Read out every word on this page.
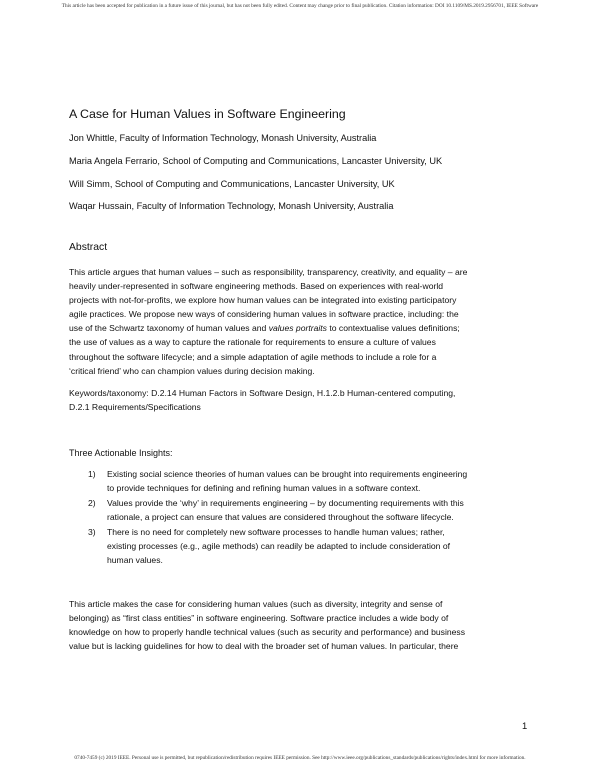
This article has been accepted for publication in a future issue of this journal, but has not been fully edited. Content may change prior to final publication. Citation information: DOI 10.1109/MS.2019.2956701, IEEE Software
A Case for Human Values in Software Engineering
Jon Whittle, Faculty of Information Technology, Monash University, Australia
Maria Angela Ferrario, School of Computing and Communications, Lancaster University, UK
Will Simm, School of Computing and Communications, Lancaster University, UK
Waqar Hussain, Faculty of Information Technology, Monash University, Australia
Abstract

This article argues that human values – such as responsibility, transparency, creativity, and equality – are

heavily under-represented in software engineering methods. Based on experiences with real-world

projects with not-for-profits, we explore how human values can be integrated into existing participatory

agile practices. We propose new ways of considering human values in software practice, including: the

use of the Schwartz taxonomy of human values and values portraits to contextualise values definitions;

the use of values as a way to capture the rationale for requirements to ensure a culture of values

throughout the software lifecycle; and a simple adaptation of agile methods to include a role for a

‘critical friend’ who can champion values during decision making.

Keywords/taxonomy: D.2.14 Human Factors in Software Design, H.1.2.b Human-centered computing,

D.2.1 Requirements/Specifications

Three Actionable Insights:
1)	Existing social science theories of human values can be brought into requirements engineering

to provide techniques for defining and refining human values in a software context.

2)	Values provide the ‘why’ in requirements engineering – by documenting requirements with this

rationale, a project can ensure that values are considered throughout the software lifecycle.

3)	There is no need for completely new software processes to handle human values; rather,

existing processes (e.g., agile methods) can readily be adapted to include consideration of

human values.

This article makes the case for considering human values (such as diversity, integrity and sense of

belonging) as “first class entities” in software engineering. Software practice includes a wide body of

knowledge on how to properly handle technical values (such as security and performance) and business

value but is lacking guidelines for how to deal with the broader set of human values. In particular, there

1
0740-7459 (c) 2019 IEEE. Personal use is permitted, but republication/redistribution requires IEEE permission. See http://www.ieee.org/publications_standards/publications/rights/index.html for more information.
